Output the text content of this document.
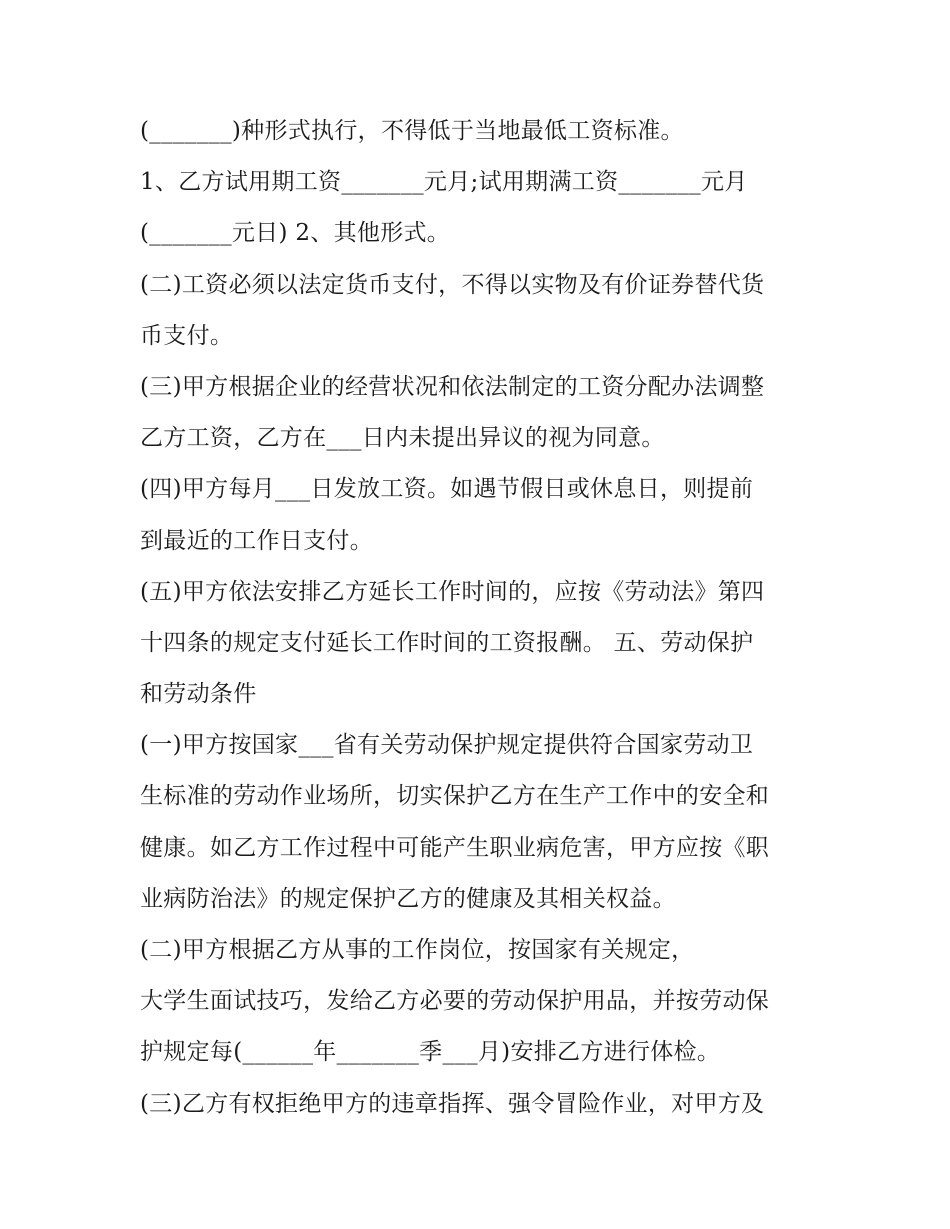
(_______)种形式执行，不得低于当地最低工资标准。
1、乙方试用期工资_______元月;试用期满工资_______元月
(_______元日) 2、其他形式。
(二)工资必须以法定货币支付，不得以实物及有价证券替代货
币支付。
(三)甲方根据企业的经营状况和依法制定的工资分配办法调整
乙方工资，乙方在___日内未提出异议的视为同意。
(四)甲方每月___日发放工资。如遇节假日或休息日，则提前
到最近的工作日支付。
(五)甲方依法安排乙方延长工作时间的，应按《劳动法》第四
十四条的规定支付延长工作时间的工资报酬。 五、劳动保护
和劳动条件
(一)甲方按国家___省有关劳动保护规定提供符合国家劳动卫
生标准的劳动作业场所，切实保护乙方在生产工作中的安全和
健康。如乙方工作过程中可能产生职业病危害，甲方应按《职
业病防治法》的规定保护乙方的健康及其相关权益。
(二)甲方根据乙方从事的工作岗位，按国家有关规定，
大学生面试技巧，发给乙方必要的劳动保护用品，并按劳动保
护规定每(______年_______季___月)安排乙方进行体检。
(三)乙方有权拒绝甲方的违章指挥、强令冒险作业，对甲方及
